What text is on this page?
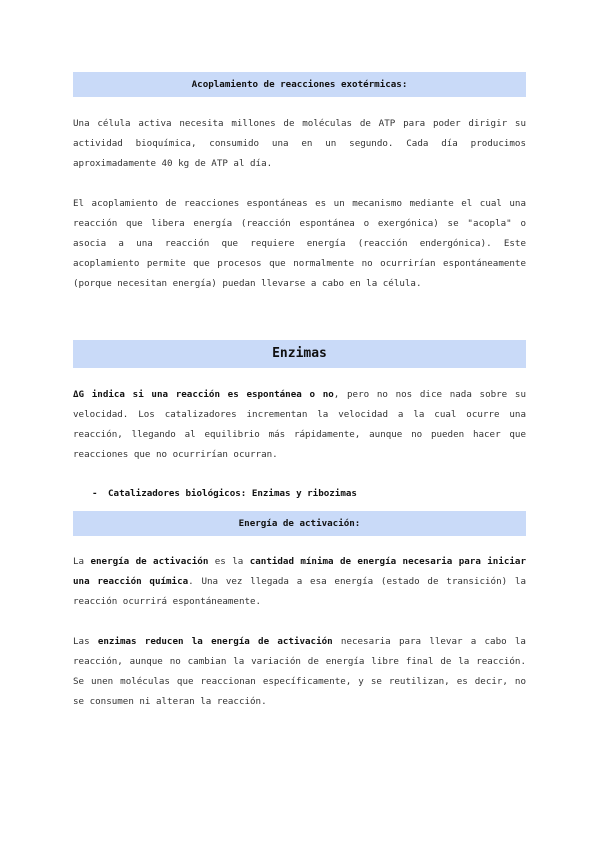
Acoplamiento de reacciones exotérmicas:

Una célula activa necesita millones de moléculas de ATP para poder dirigir su actividad bioquímica, consumido una en un segundo. Cada día producimos aproximadamente 40 kg de ATP al día.

El acoplamiento de reacciones espontáneas es un mecanismo mediante el cual una reacción que libera energía (reacción espontánea o exergónica) se "acopla" o asocia a una reacción que requiere energía (reacción endergónica). Este acoplamiento permite que procesos que normalmente no ocurrirían espontáneamente (porque necesitan energía) puedan llevarse a cabo en la célula.

Enzimas

ΔG indica si una reacción es espontánea o no, pero no nos dice nada sobre su velocidad. Los catalizadores incrementan la velocidad a la cual ocurre una reacción, llegando al equilibrio más rápidamente, aunque no pueden hacer que reacciones que no ocurrirían ocurran.

- Catalizadores biológicos: Enzimas y ribozimas
Energía de activación:

La energía de activación es la cantidad mínima de energía necesaria para iniciar una reacción química. Una vez llegada a esa energía (estado de transición) la reacción ocurrirá espontáneamente.

Las enzimas reducen la energía de activación necesaria para llevar a cabo la reacción, aunque no cambian la variación de energía libre final de la reacción. Se unen moléculas que reaccionan específicamente, y se reutilizan, es decir, no se consumen ni alteran la reacción.
